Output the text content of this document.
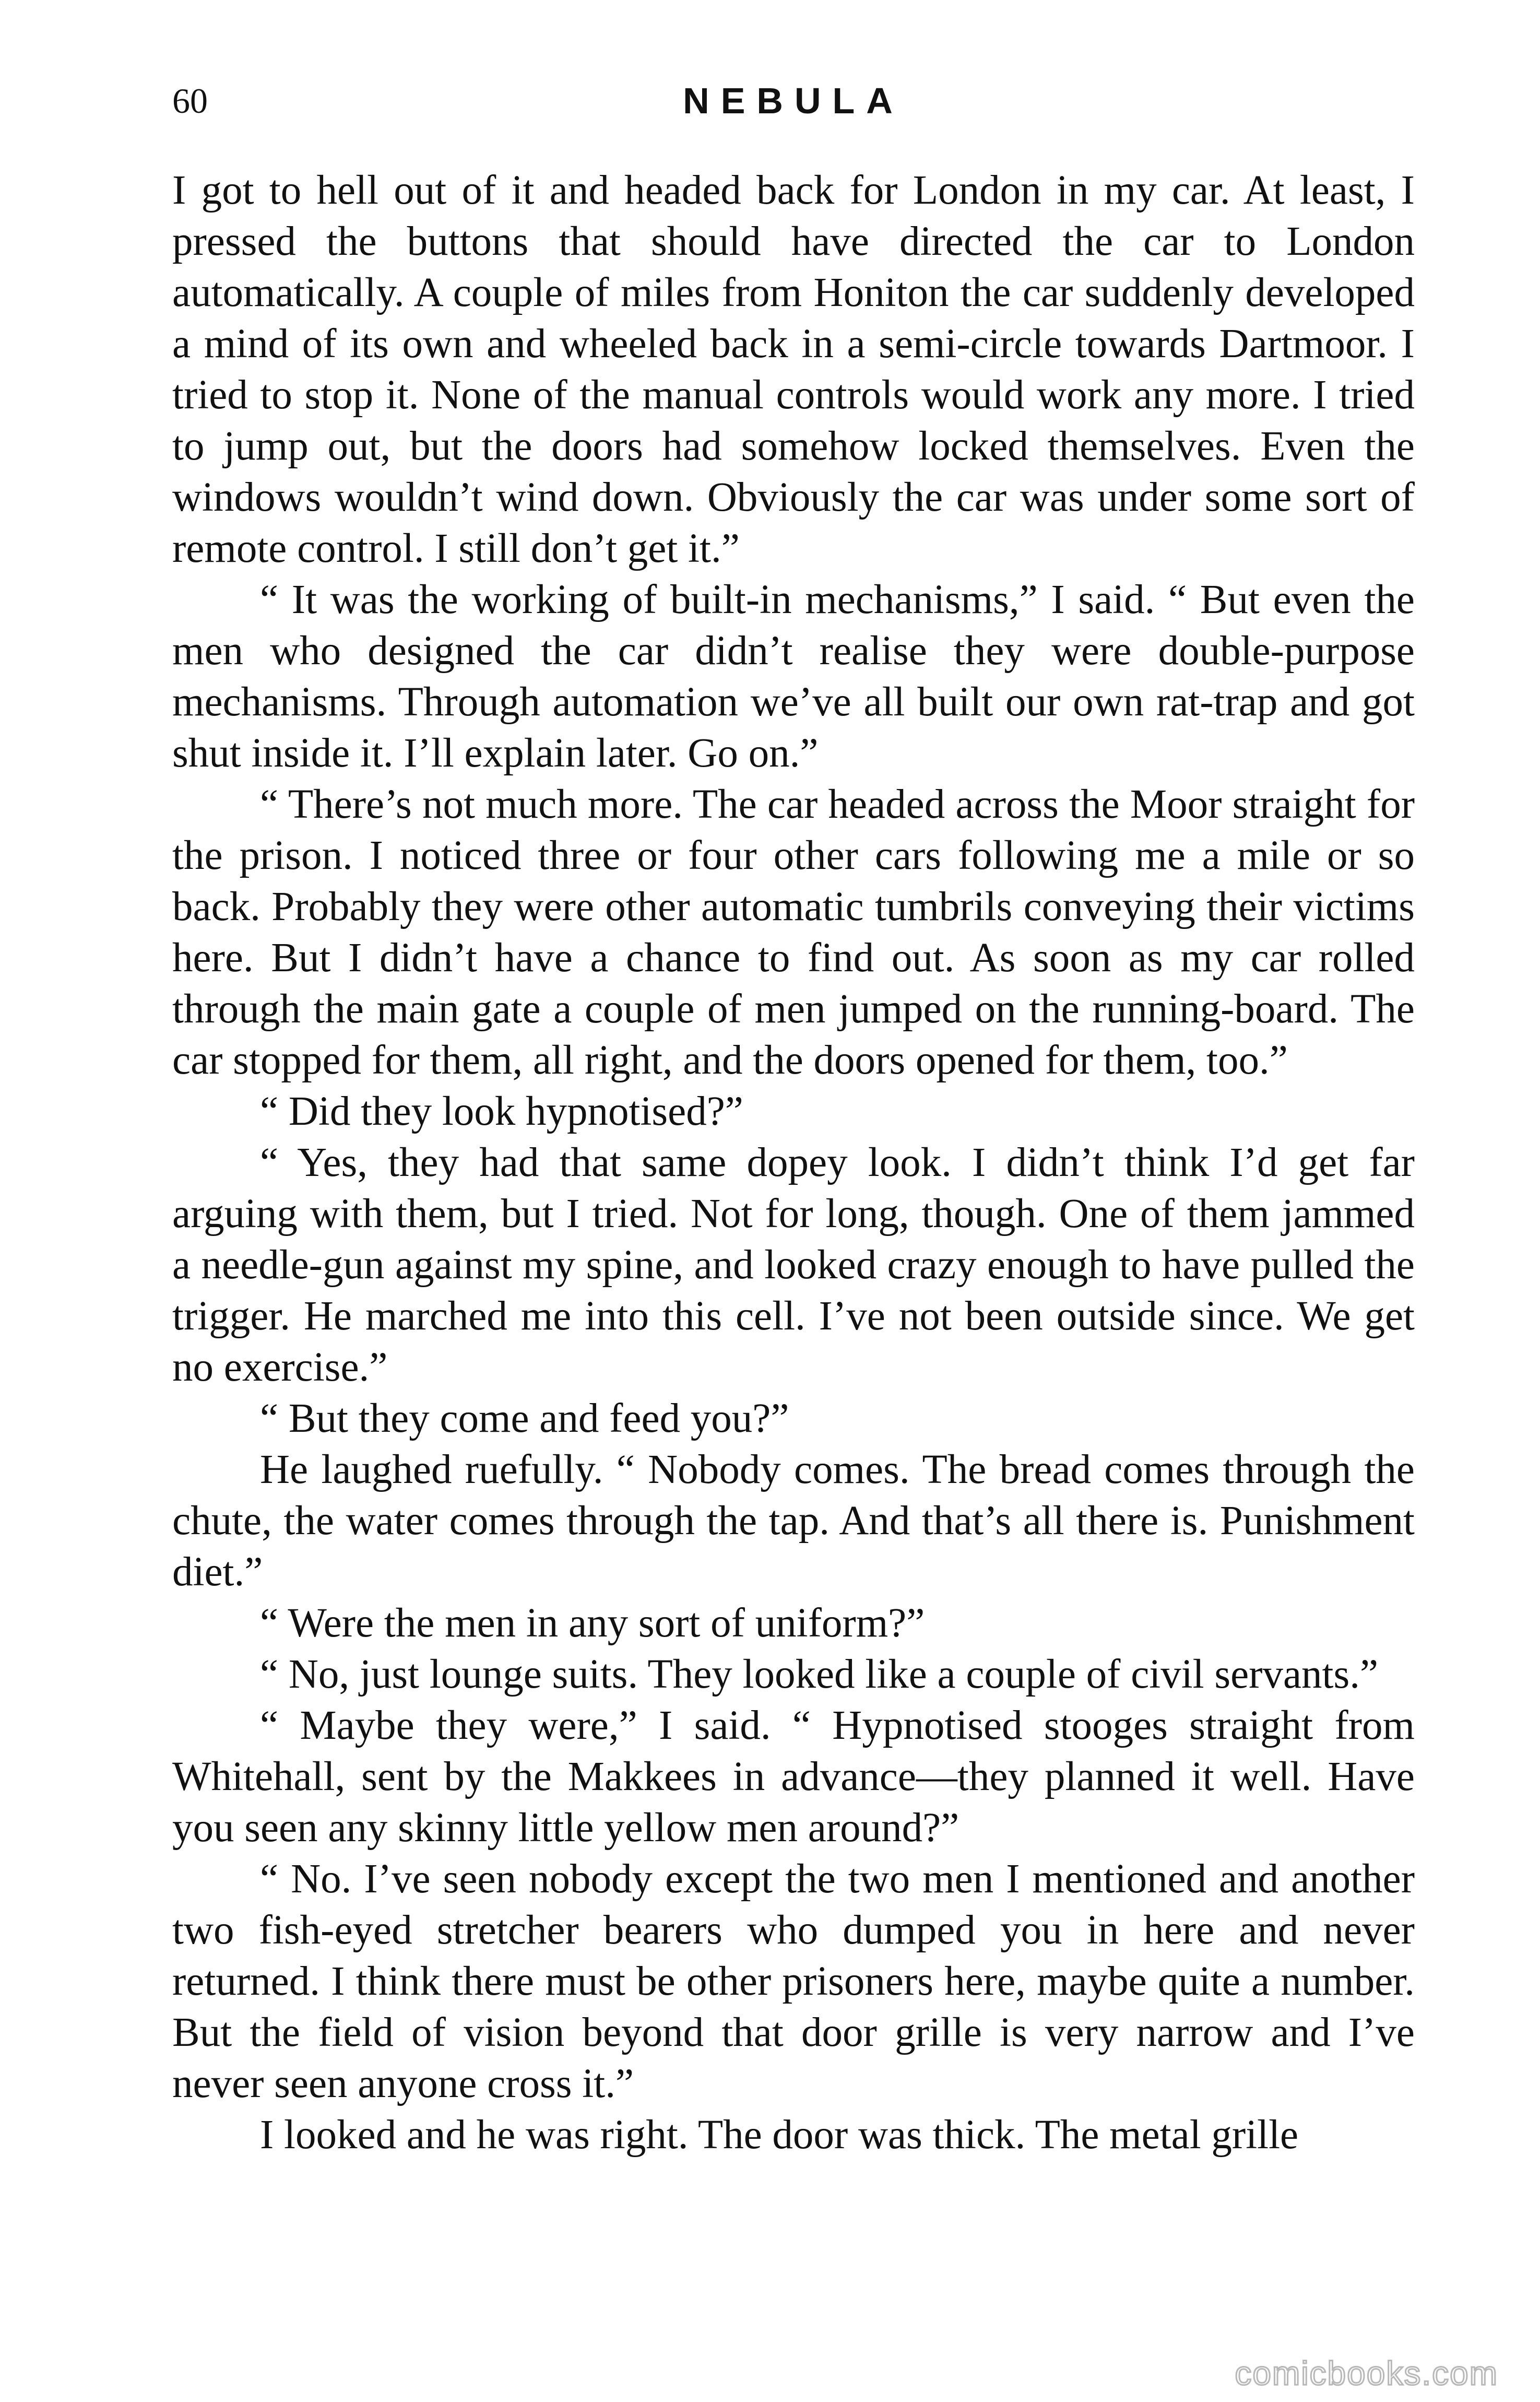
60	NEBULA

I got to hell out of it and headed back for London in my car. At least, I pressed the buttons that should have directed the car to London automatically. A couple of miles from Honiton the car suddenly developed a mind of its own and wheeled back in a semi-circle towards Dartmoor. I tried to stop it. None of the manual controls would work any more. I tried to jump out, but the doors had somehow locked themselves. Even the windows wouldn’t wind down. Obviously the car was under some sort of remote control. I still don’t get it.”

“ It was the working of built-in mechanisms,” I said. “ But even the men who designed the car didn’t realise they were double-purpose mechanisms. Through automation we’ve all built our own rat-trap and got shut inside it. I’ll explain later. Go on.”

“ There’s not much more. The car headed across the Moor straight for the prison. I noticed three or four other cars following me a mile or so back. Probably they were other automatic tumbrils conveying their victims here. But I didn’t have a chance to find out. As soon as my car rolled through the main gate a couple of men jumped on the running-board. The car stopped for them, all right, and the doors opened for them, too.”

“ Did they look hypnotised?”

“ Yes, they had that same dopey look. I didn’t think I’d get far arguing with them, but I tried. Not for long, though. One of them jammed a needle-gun against my spine, and looked crazy enough to have pulled the trigger. He marched me into this cell. I’ve not been outside since. We get no exercise.”

“ But they come and feed you?”

He laughed ruefully. “ Nobody comes. The bread comes through the chute, the water comes through the tap. And that’s all there is. Punishment diet.”

“ Were the men in any sort of uniform?”

“ No, just lounge suits. They looked like a couple of civil servants.”

“ Maybe they were,” I said. “ Hypnotised stooges straight from Whitehall, sent by the Makkees in advance—they planned it well. Have you seen any skinny little yellow men around?”

“ No. I’ve seen nobody except the two men I mentioned and another two fish-eyed stretcher bearers who dumped you in here and never returned. I think there must be other prisoners here, maybe quite a number. But the field of vision beyond that door grille is very narrow and I’ve never seen anyone cross it.”

I looked and he was right. The door was thick. The metal grille

comicbooks.com
